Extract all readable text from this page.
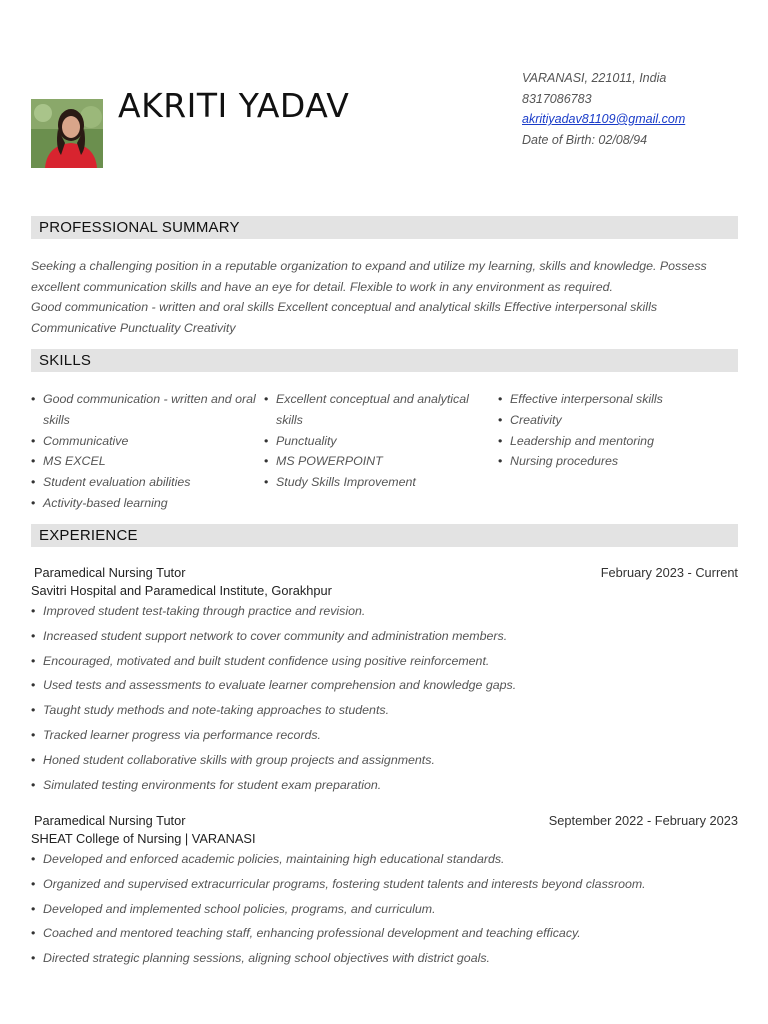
AKRITI YADAV
VARANASI, 221011, India
8317086783
akritiyadav81109@gmail.com
Date of Birth: 02/08/94
PROFESSIONAL SUMMARY

Seeking a challenging position in a reputable organization to expand and utilize my learning, skills and knowledge. Possess excellent communication skills and have an eye for detail. Flexible to work in any environment as required.

Good communication - written and oral skills Excellent conceptual and analytical skills Effective interpersonal skills Communicative Punctuality Creativity

SKILLS
• Good communication - written and oral skills
• Communicative
• MS EXCEL
• Student evaluation abilities
• Activity-based learning
• Excellent conceptual and analytical skills
• Punctuality
• MS POWERPOINT
• Study Skills Improvement
• Effective interpersonal skills
• Creativity
• Leadership and mentoring
• Nursing procedures
EXPERIENCE
Paramedical Nursing Tutor	February 2023 - Current
Savitri Hospital and Paramedical Institute, Gorakhpur
• Improved student test-taking through practice and revision.
• Increased student support network to cover community and administration members.
• Encouraged, motivated and built student confidence using positive reinforcement.
• Used tests and assessments to evaluate learner comprehension and knowledge gaps.
• Taught study methods and note-taking approaches to students.
• Tracked learner progress via performance records.
• Honed student collaborative skills with group projects and assignments.
• Simulated testing environments for student exam preparation.
Paramedical Nursing Tutor	September 2022 - February 2023
SHEAT College of Nursing | VARANASI
• Developed and enforced academic policies, maintaining high educational standards.
• Organized and supervised extracurricular programs, fostering student talents and interests beyond classroom.
• Developed and implemented school policies, programs, and curriculum.
• Coached and mentored teaching staff, enhancing professional development and teaching efficacy.
• Directed strategic planning sessions, aligning school objectives with district goals.
